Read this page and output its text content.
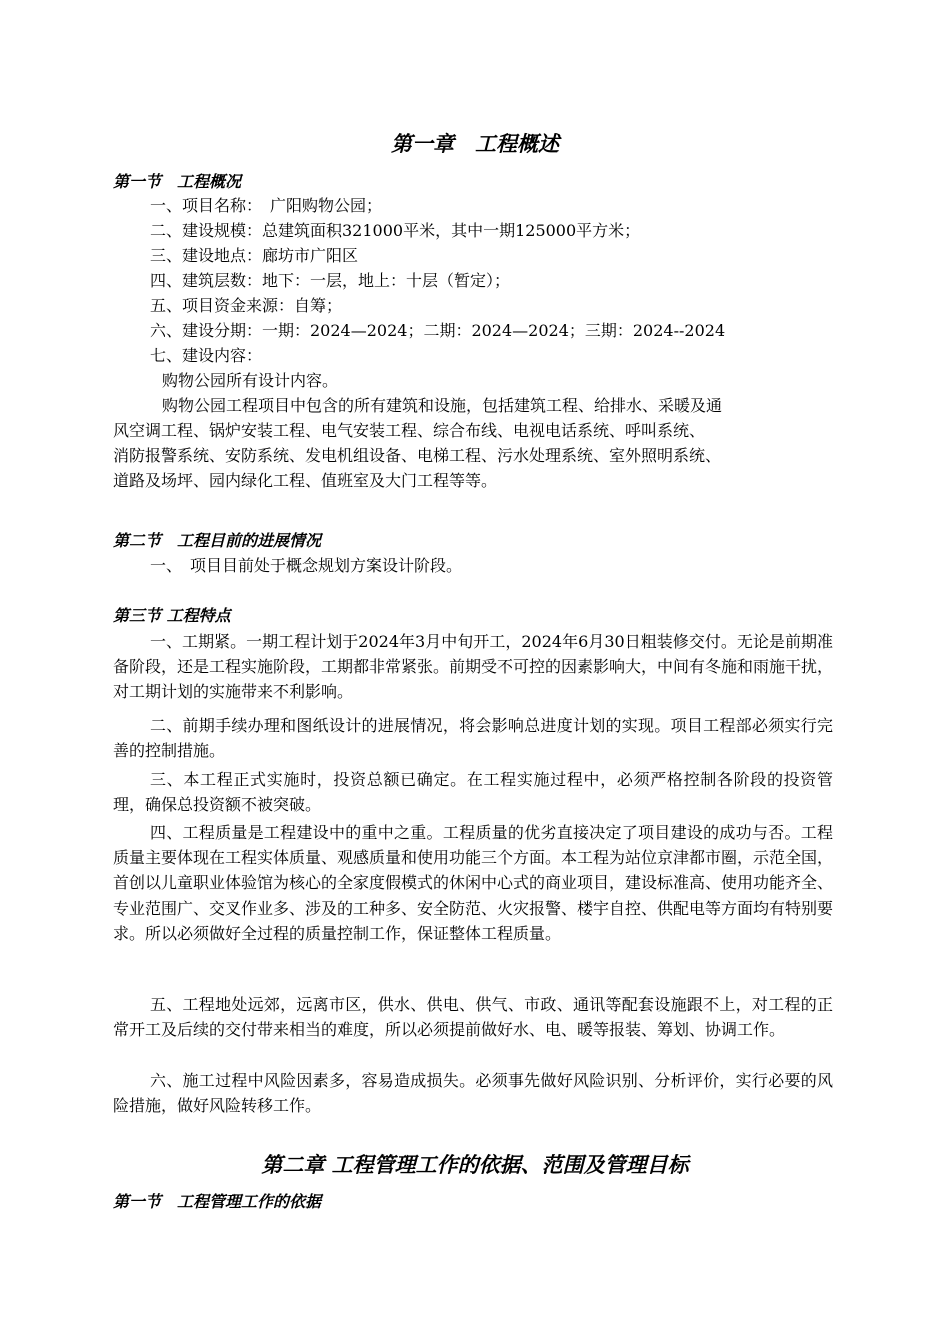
第一章　工程概述
第一节　工程概况
一、项目名称：　广阳购物公园；
二、建设规模：总建筑面积321000平米，其中一期125000平方米；
三、建设地点：廊坊市广阳区
四、建筑层数：地下：一层，地上：十层（暂定）；
五、项目资金来源：自筹；
六、建设分期：一期：2024—2024；二期：2024—2024；三期：2024--2024
七、建设内容：
购物公园所有设计内容。
购物公园工程项目中包含的所有建筑和设施，包括建筑工程、给排水、采暖及通
风空调工程、锅炉安装工程、电气安装工程、综合布线、电视电话系统、呼叫系统、
消防报警系统、安防系统、发电机组设备、电梯工程、污水处理系统、室外照明系统、
道路及场坪、园内绿化工程、值班室及大门工程等等。
第二节　工程目前的进展情况
一、　项目目前处于概念规划方案设计阶段。
第三节 工程特点
一、工期紧。一期工程计划于2024年3月中旬开工，2024年6月30日粗装修交付。无论是前期准备阶段，还是工程实施阶段，工期都非常紧张。前期受不可控的因素影响大，中间有冬施和雨施干扰，对工期计划的实施带来不利影响。
二、前期手续办理和图纸设计的进展情况，将会影响总进度计划的实现。项目工程部必须实行完善的控制措施。
三、本工程正式实施时，投资总额已确定。在工程实施过程中，必须严格控制各阶段的投资管理，确保总投资额不被突破。
四、工程质量是工程建设中的重中之重。工程质量的优劣直接决定了项目建设的成功与否。工程质量主要体现在工程实体质量、观感质量和使用功能三个方面。本工程为站位京津都市圈，示范全国，首创以儿童职业体验馆为核心的全家度假模式的休闲中心式的商业项目，建设标准高、使用功能齐全、专业范围广、交叉作业多、涉及的工种多、安全防范、火灾报警、楼宇自控、供配电等方面均有特别要求。所以必须做好全过程的质量控制工作，保证整体工程质量。
五、工程地处远郊，远离市区，供水、供电、供气、市政、通讯等配套设施跟不上，对工程的正常开工及后续的交付带来相当的难度，所以必须提前做好水、电、暖等报装、筹划、协调工作。
六、施工过程中风险因素多，容易造成损失。必须事先做好风险识别、分析评价，实行必要的风险措施，做好风险转移工作。
第二章 工程管理工作的依据、范围及管理目标
第一节　工程管理工作的依据
